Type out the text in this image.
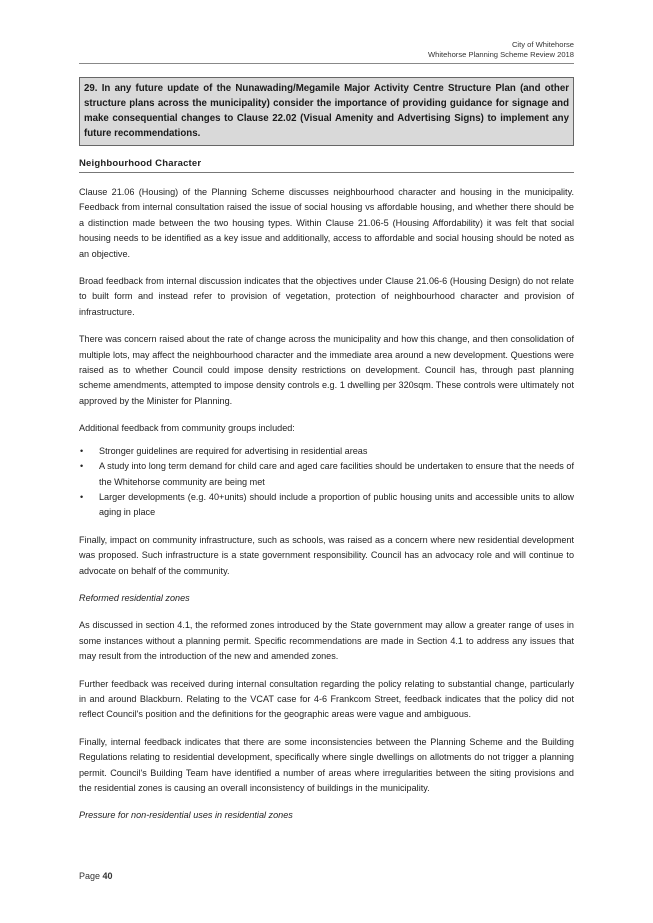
City of Whitehorse
Whitehorse Planning Scheme Review 2018
29. In any future update of the Nunawading/Megamile Major Activity Centre Structure Plan (and other structure plans across the municipality) consider the importance of providing guidance for signage and make consequential changes to Clause 22.02 (Visual Amenity and Advertising Signs) to implement any future recommendations.
Neighbourhood Character

Clause 21.06 (Housing) of the Planning Scheme discusses neighbourhood character and housing in the municipality. Feedback from internal consultation raised the issue of social housing vs affordable housing, and whether there should be a distinction made between the two housing types. Within Clause 21.06-5 (Housing Affordability) it was felt that social housing needs to be identified as a key issue and additionally, access to affordable and social housing should be noted as an objective.

Broad feedback from internal discussion indicates that the objectives under Clause 21.06-6 (Housing Design) do not relate to built form and instead refer to provision of vegetation, protection of neighbourhood character and provision of infrastructure.

There was concern raised about the rate of change across the municipality and how this change, and then consolidation of multiple lots, may affect the neighbourhood character and the immediate area around a new development. Questions were raised as to whether Council could impose density restrictions on development. Council has, through past planning scheme amendments, attempted to impose density controls e.g. 1 dwelling per 320sqm. These controls were ultimately not approved by the Minister for Planning.

Additional feedback from community groups included:

• Stronger guidelines are required for advertising in residential areas
• A study into long term demand for child care and aged care facilities should be undertaken to ensure that the needs of the Whitehorse community are being met
• Larger developments (e.g. 40+units) should include a proportion of public housing units and accessible units to allow aging in place

Finally, impact on community infrastructure, such as schools, was raised as a concern where new residential development was proposed. Such infrastructure is a state government responsibility. Council has an advocacy role and will continue to advocate on behalf of the community.

Reformed residential zones

As discussed in section 4.1, the reformed zones introduced by the State government may allow a greater range of uses in some instances without a planning permit. Specific recommendations are made in Section 4.1 to address any issues that may result from the introduction of the new and amended zones.

Further feedback was received during internal consultation regarding the policy relating to substantial change, particularly in and around Blackburn. Relating to the VCAT case for 4-6 Frankcom Street, feedback indicates that the policy did not reflect Council's position and the definitions for the geographic areas were vague and ambiguous.

Finally, internal feedback indicates that there are some inconsistencies between the Planning Scheme and the Building Regulations relating to residential development, specifically where single dwellings on allotments do not trigger a planning permit. Council's Building Team have identified a number of areas where irregularities between the siting provisions and the residential zones is causing an overall inconsistency of buildings in the municipality.

Pressure for non-residential uses in residential zones

Page 40
